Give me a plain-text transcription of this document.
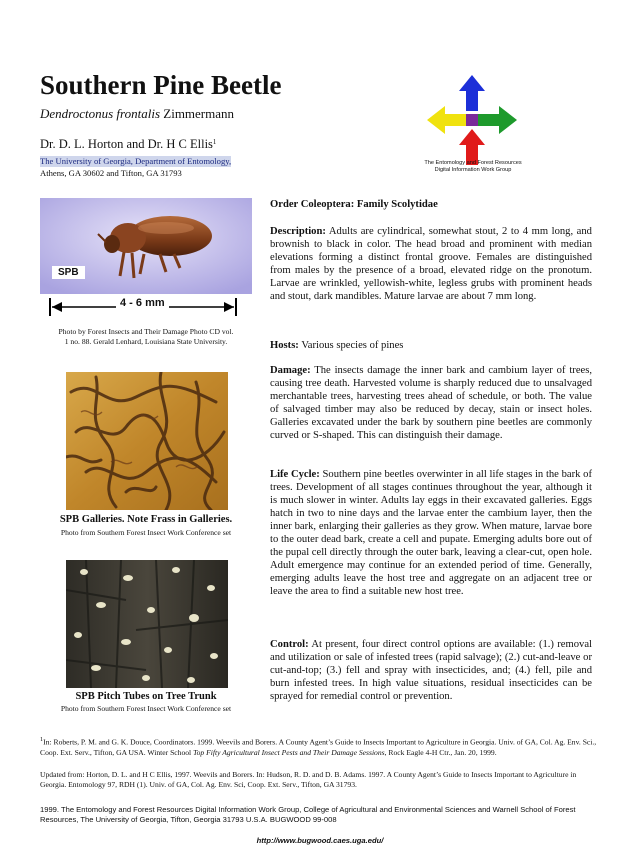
Southern Pine Beetle
Dendroctonus frontalis Zimmermann
Dr. D. L. Horton and Dr. H C Ellis$^1$
The University of Georgia, Department of Entomology,
Athens, GA 30602 and Tifton, GA 31793
The Entomology and Forest Resources
Digital Information Work Group
SPB
4 - 6 mm
Photo by Forest Insects and Their Damage Photo CD vol.
1 no. 88. Gerald Lenhard, Louisiana State University.
SPB Galleries. Note Frass in Galleries.
Photo from Southern Forest Insect Work Conference set
SPB Pitch Tubes on Tree Trunk
Photo from Southern Forest Insect Work Conference set
Order Coleoptera: Family Scolytidae
Description: Adults are cylindrical, somewhat stout, 2 to 4 mm long, and brownish to black in color. The head broad and prominent with median elevations forming a distinct frontal groove. Females are distinguished from males by the presence of a broad, elevated ridge on the pronotum. Larvae are wrinkled, yellowish-white, legless grubs with prominent heads and stout, dark mandibles. Mature larvae are about 7 mm long.
Hosts: Various species of pines
Damage: The insects damage the inner bark and cambium layer of trees, causing tree death. Harvested volume is sharply reduced due to unsalvaged merchantable trees, harvesting trees ahead of schedule, or both. The value of salvaged timber may also be reduced by decay, stain or insect holes. Galleries excavated under the bark by southern pine beetles are commonly curved or S-shaped. This can distinguish their damage.
Life Cycle: Southern pine beetles overwinter in all life stages in the bark of trees. Development of all stages continues throughout the year, although it is much slower in winter. Adults lay eggs in their excavated galleries. Eggs hatch in two to nine days and the larvae enter the cambium layer, then the inner bark, enlarging their galleries as they grow. When mature, larvae bore to the outer dead bark, create a cell and pupate. Emerging adults bore out of the pupal cell directly through the outer bark, leaving a clear-cut, open hole. Adult emergence may continue for an extended period of time. Generally, emerging adults leave the host tree and aggregate on an adjacent tree or leave the area to find a suitable new host tree.
Control: At present, four direct control options are available: (1.) removal and utilization or sale of infested trees (rapid salvage); (2.) cut-and-leave or cut-and-top; (3.) fell and spray with insecticides, and; (4.) fell, pile and burn infested trees. In high value situations, residual insecticides can be sprayed for remedial control or prevention.
$^1$In: Roberts, P. M. and G. K. Douce, Coordinators. 1999. Weevils and Borers. A County Agent’s Guide to Insects Important to Agriculture in Georgia. Univ. of GA, Col. Ag. Env. Sci., Coop. Ext. Serv., Tifton, GA USA. Winter School Top Fifty Agricultural Insect Pests and Their Damage Sessions, Rock Eagle 4-H Ctr., Jan. 20, 1999.
Updated from: Horton, D. L. and H C Ellis, 1997. Weevils and Borers. In: Hudson, R. D. and D. B. Adams. 1997. A County Agent’s Guide to Insects Important to Agriculture in Georgia. Entomology 97, RDH (1). Univ. of GA, Col. Ag. Env. Sci, Coop. Ext. Serv., Tifton, GA 31793.
1999. The Entomology and Forest Resources Digital Information Work Group, College of Agricultural and Environmental Sciences and Warnell School of Forest Resources, The University of Georgia, Tifton, Georgia 31793 U.S.A. BUGWOOD 99-008
http://www.bugwood.caes.uga.edu/
